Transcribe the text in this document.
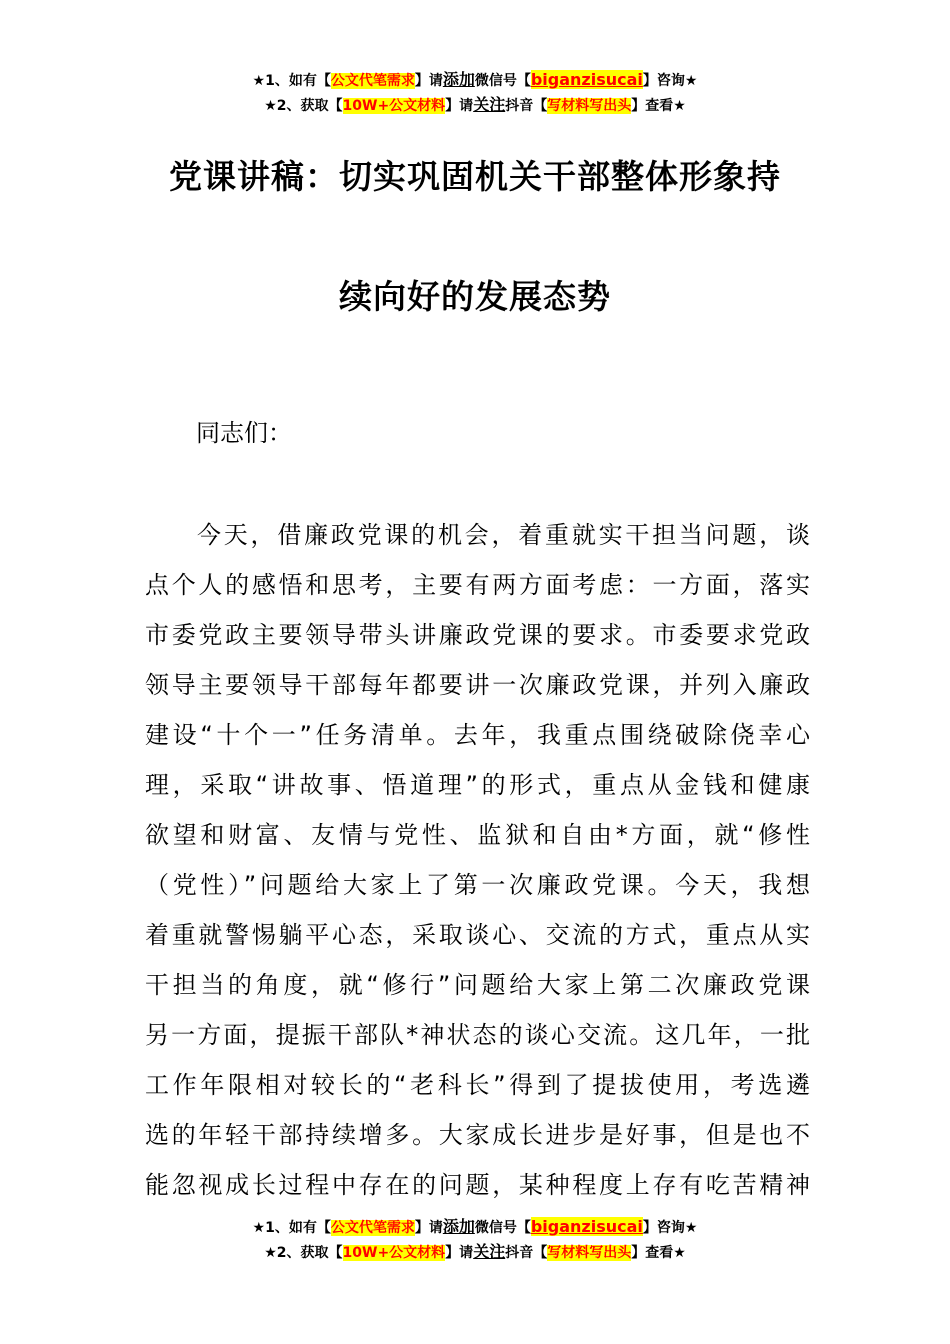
★1、如有【公文代笔需求】请添加微信号【biganzisucai】咨询★
★2、获取【10W+公文材料】请关注抖音【写材料写出头】查看★
党课讲稿：切实巩固机关干部整体形象持
续向好的发展态势
同志们：
今天，借廉政党课的机会，着重就实干担当问题，谈
点个人的感悟和思考，主要有两方面考虑：一方面，落实
市委党政主要领导带头讲廉政党课的要求。市委要求党政
领导主要领导干部每年都要讲一次廉政党课，并列入廉政
建设“十个一”任务清单。去年，我重点围绕破除侥幸心
理，采取“讲故事、悟道理”的形式，重点从金钱和健康
欲望和财富、友情与党性、监狱和自由*方面，就“修性
（党性）”问题给大家上了第一次廉政党课。今天，我想
着重就警惕躺平心态，采取谈心、交流的方式，重点从实
干担当的角度，就“修行”问题给大家上第二次廉政党课
另一方面，提振干部队*神状态的谈心交流。这几年，一批
工作年限相对较长的“老科长”得到了提拔使用，考选遴
选的年轻干部持续增多。大家成长进步是好事，但是也不
能忽视成长过程中存在的问题，某种程度上存有吃苦精神
★1、如有【公文代笔需求】请添加微信号【biganzisucai】咨询★
★2、获取【10W+公文材料】请关注抖音【写材料写出头】查看★
